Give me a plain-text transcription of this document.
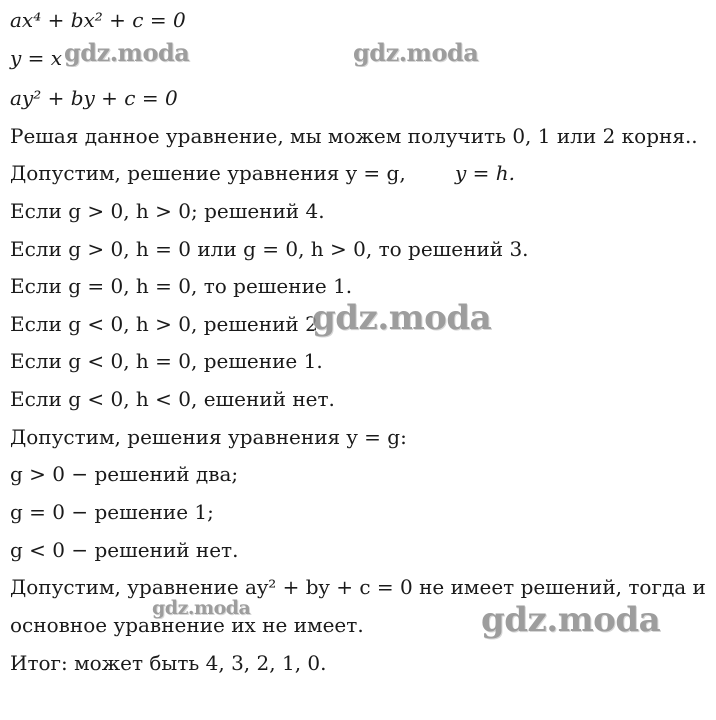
ax⁴ + bx² + c = 0
y = x
ay² + by + c = 0
Решая данное уравнение, мы можем получить 0, 1 или 2 корня..
Допустим, решение уравнения y = g, y = h.
Если g > 0, h > 0; решений 4.
Если g > 0, h = 0 или g = 0, h > 0, то решений 3.
Если g = 0, h = 0, то решение 1.
Если g < 0, h > 0, решений 2
Если g < 0, h = 0, решение 1.
Если g < 0, h < 0, ешений нет.
Допустим, решения уравнения y = g:
g > 0 − решений два;
g = 0 − решение 1;
g < 0 − решений нет.
Допустим, уравнение ay² + by + c = 0 не имеет решений, тогда и
основное уравнение их не имеет.
Итог: может быть 4, 3, 2, 1, 0.
gdz.moda	gdz.moda
gdz.moda
gdz.moda	gdz.moda
